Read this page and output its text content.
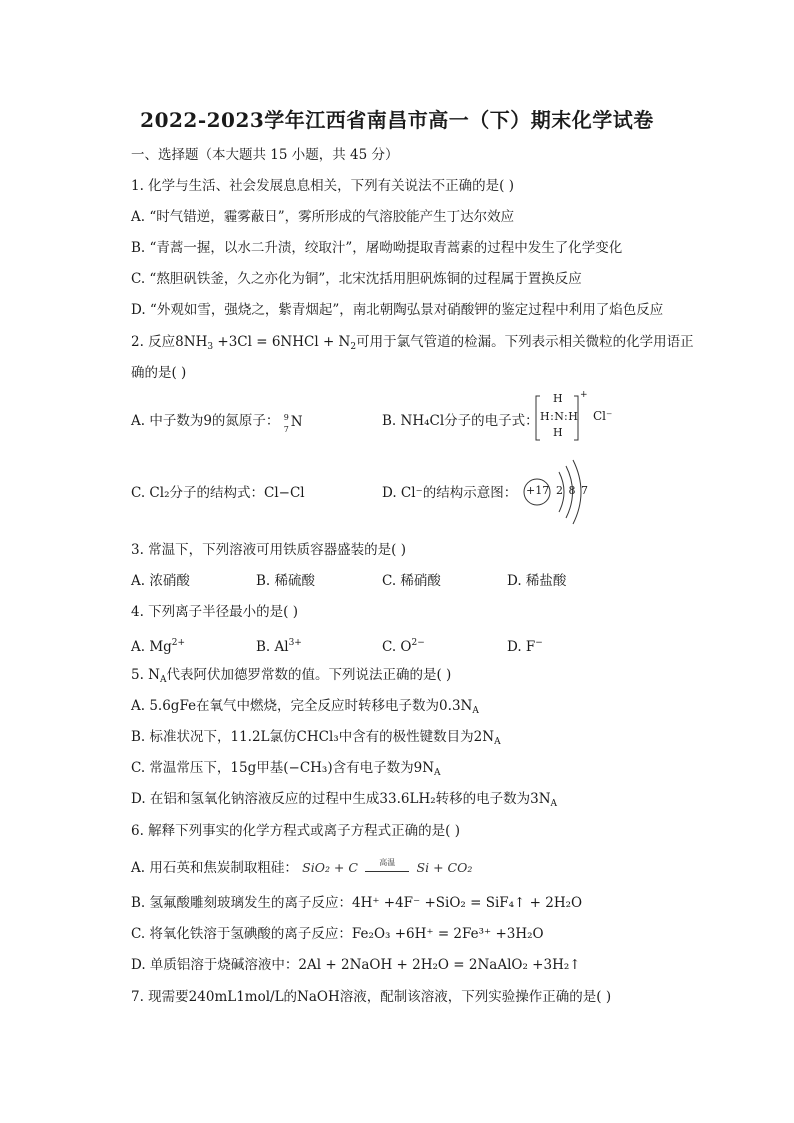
2022-2023学年江西省南昌市高一（下）期末化学试卷
一、选择题（本大题共 15 小题，共 45 分）
1. 化学与生活、社会发展息息相关，下列有关说法不正确的是( )
A. “时气错逆，霾雾蔽日”，雾所形成的气溶胶能产生丁达尔效应
B. “青蒿一握，以水二升渍，绞取汁”，屠呦呦提取青蒿素的过程中发生了化学变化
C. “熬胆矾铁釜，久之亦化为铜”，北宋沈括用胆矾炼铜的过程属于置换反应
D. “外观如雪，强烧之，紫青烟起”，南北朝陶弘景对硝酸钾的鉴定过程中利用了焰色反应
2. 反应$8NH_3 +3Cl$ = 6NHCl + $N_2$可用于氯气管道的检漏。下列表示相关微粒的化学用语正
确的是( )
A. 中子数为9的氮原子： 9
7 N	B. NH₄Cl分子的电子式：
H
H:N:H
H
+
Cl⁻
C. Cl₂分子的结构式：Cl−Cl	D. Cl⁻的结构示意图： +17 2 8 7
3. 常温下，下列溶液可用铁质容器盛装的是( )
A. 浓硝酸	B. 稀硫酸	C. 稀硝酸	D. 稀盐酸
4. 下列离子半径最小的是( )
A. $Mg^{2+}$	B. $Al^{3+}$	C. $O^{2-}$	D. F−
5. $N_A$代表阿伏加德罗常数的值。下列说法正确的是( )
A. 5.6gFe在氧气中燃烧，完全反应时转移电子数为$0.3N_A$
B. 标准状况下，11.2L氯仿CHCl₃中含有的极性键数目为$2N_A$
C. 常温常压下，15g甲基(−CH₃)含有电子数为$9N_A$
D. 在铝和氢氧化钠溶液反应的过程中生成33.6LH₂转移的电子数为$3N_A$
6. 解释下列事实的化学方程式或离子方程式正确的是( )
A. 用石英和焦炭制取粗硅： SiO₂ + C	高温	Si + CO₂
B. 氢氟酸雕刻玻璃发生的离子反应：4H⁺ +4F⁻ +SiO₂ = SiF₄↑ + 2H₂O
C. 将氧化铁溶于氢碘酸的离子反应：Fe₂O₃ +6H⁺ = 2Fe³⁺ +3H₂O
D. 单质铝溶于烧碱溶液中：2Al + 2NaOH + 2H₂O = 2NaAlO₂ +3H₂↑
7. 现需要240mL1mol/L的NaOH溶液，配制该溶液，下列实验操作正确的是( )
